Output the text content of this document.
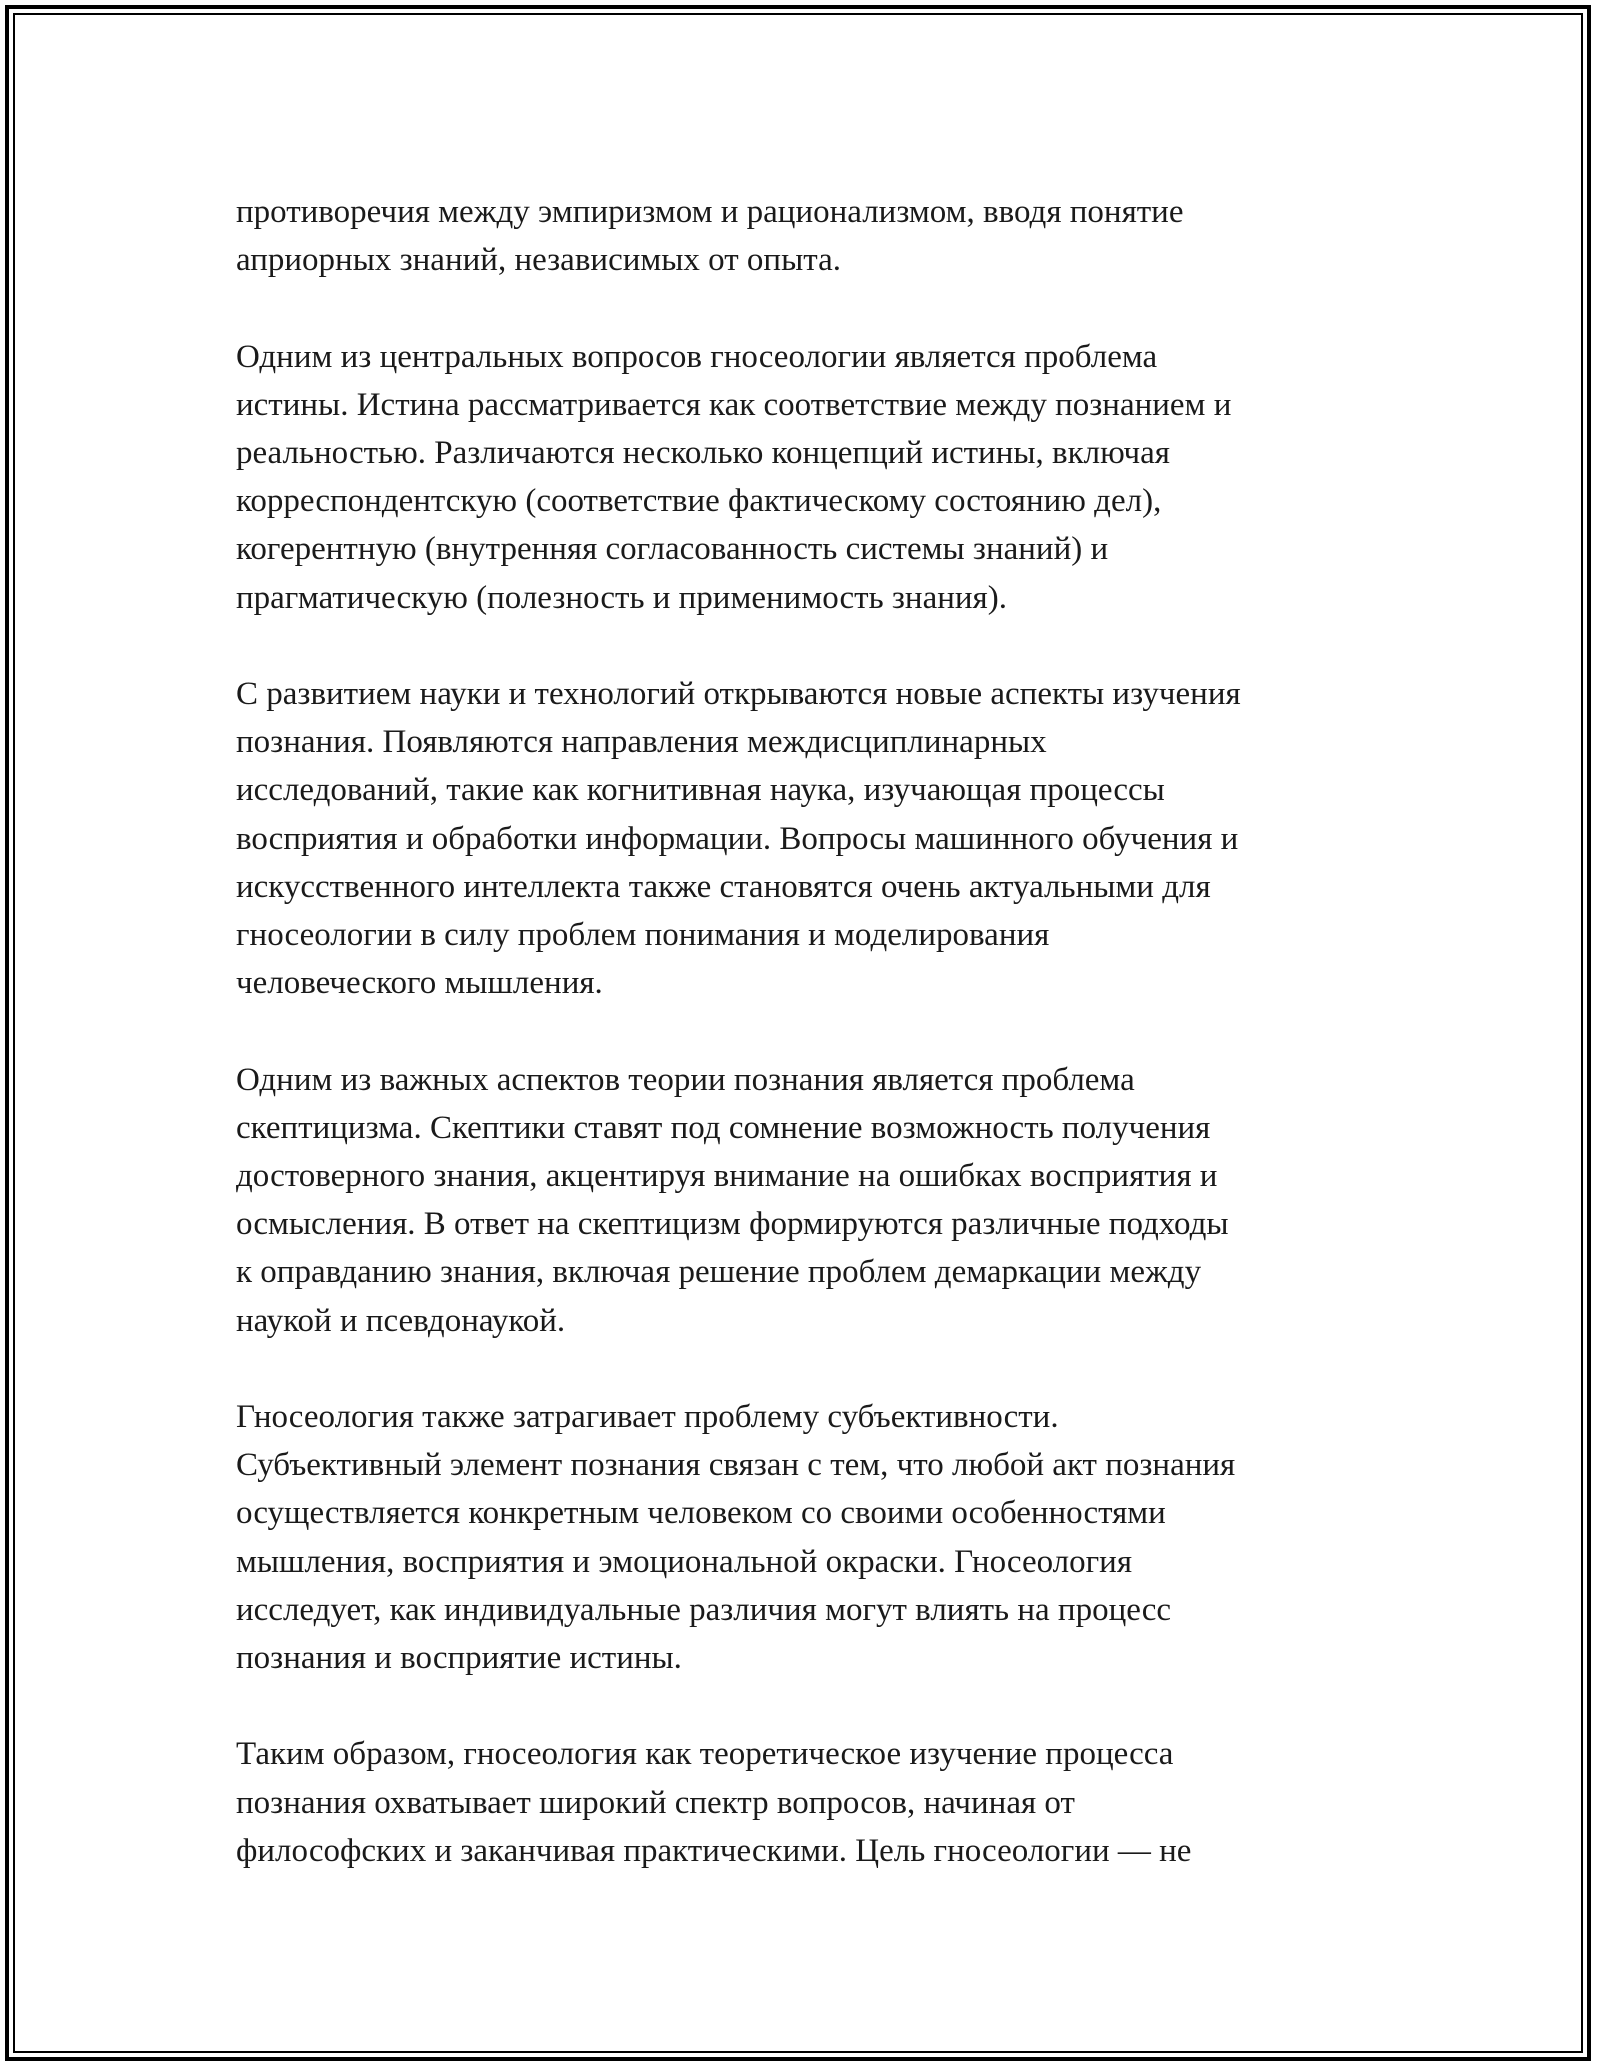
противоречия между эмпиризмом и рационализмом, вводя понятие
априорных знаний, независимых от опыта.

Одним из центральных вопросов гносеологии является проблема
истины. Истина рассматривается как соответствие между познанием и
реальностью. Различаются несколько концепций истины, включая
корреспондентскую (соответствие фактическому состоянию дел),
когерентную (внутренняя согласованность системы знаний) и
прагматическую (полезность и применимость знания).

С развитием науки и технологий открываются новые аспекты изучения
познания. Появляются направления междисциплинарных
исследований, такие как когнитивная наука, изучающая процессы
восприятия и обработки информации. Вопросы машинного обучения и
искусственного интеллекта также становятся очень актуальными для
гносеологии в силу проблем понимания и моделирования
человеческого мышления.

Одним из важных аспектов теории познания является проблема
скептицизма. Скептики ставят под сомнение возможность получения
достоверного знания, акцентируя внимание на ошибках восприятия и
осмысления. В ответ на скептицизм формируются различные подходы
к оправданию знания, включая решение проблем демаркации между
наукой и псевдонаукой.

Гносеология также затрагивает проблему субъективности.
Субъективный элемент познания связан с тем, что любой акт познания
осуществляется конкретным человеком со своими особенностями
мышления, восприятия и эмоциональной окраски. Гносеология
исследует, как индивидуальные различия могут влиять на процесс
познания и восприятие истины.

Таким образом, гносеология как теоретическое изучение процесса
познания охватывает широкий спектр вопросов, начиная от
философских и заканчивая практическими. Цель гносеологии — не
